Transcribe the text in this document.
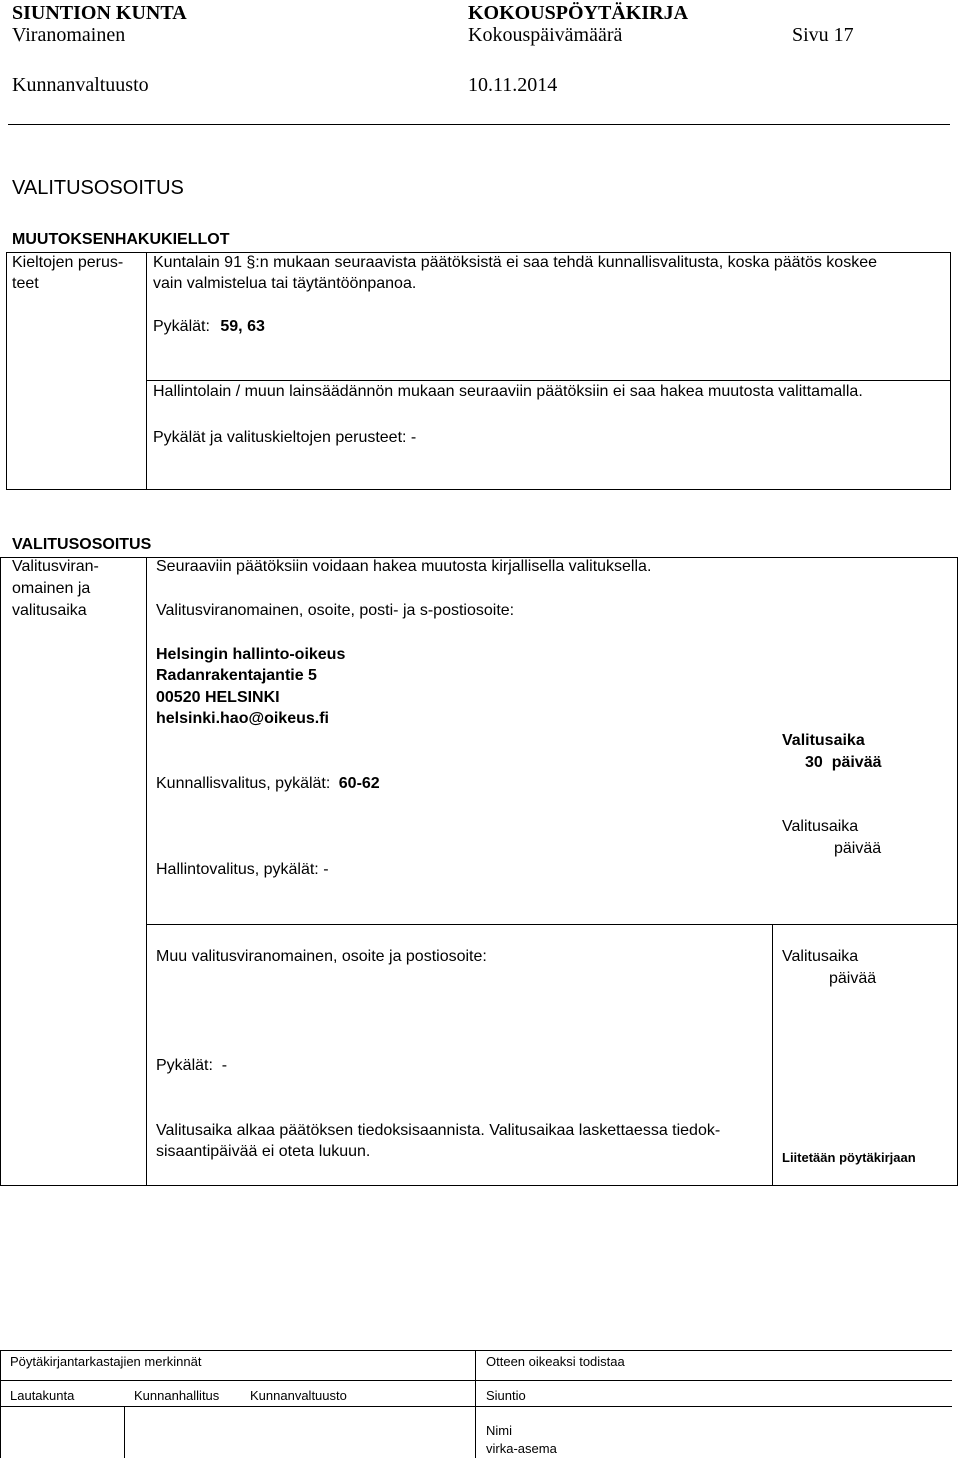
SIUNTION KUNTA	KOKOUSPÖYTÄKIRJA
Viranomainen	Kokouspäivämäärä	Sivu 17
Kunnanvaltuusto	10.11.2014
VALITUSOSOITUS
MUUTOKSENHAKUKIELLOT
Kieltojen perus-
teet
Kuntalain 91 §:n mukaan seuraavista päätöksistä ei saa tehdä kunnallisvalitusta, koska päätös koskee
vain valmistelua tai täytäntöönpanoa.
Pykälät: 59, 63
Hallintolain / muun lainsäädännön mukaan seuraaviin päätöksiin ei saa hakea muutosta valittamalla.
Pykälät ja valituskieltojen perusteet: -
VALITUSOSOITUS
Valitusviran-
omainen ja
valitusaika
Seuraaviin päätöksiin voidaan hakea muutosta kirjallisella valituksella.
Valitusviranomainen, osoite, posti- ja s-postiosoite:
Helsingin hallinto-oikeus
Radanrakentajantie 5
00520 HELSINKI
helsinki.hao@oikeus.fi
Kunnallisvalitus, pykälät: 60-62
Valitusaika
30  päivää
Valitusaika
päivää
Hallintovalitus, pykälät: -
Muu valitusviranomainen, osoite ja postiosoite:	Valitusaika
päivää
Pykälät:  -
Valitusaika alkaa päätöksen tiedoksisaannista. Valitusaikaa laskettaessa tiedok-
sisaantipäivää ei oteta lukuun.	Liitetään pöytäkirjaan
Pöytäkirjantarkastajien merkinnät	Otteen oikeaksi todistaa
Lautakunta	Kunnanhallitus Kunnanvaltuusto	Siuntio
Nimi
virka-asema
